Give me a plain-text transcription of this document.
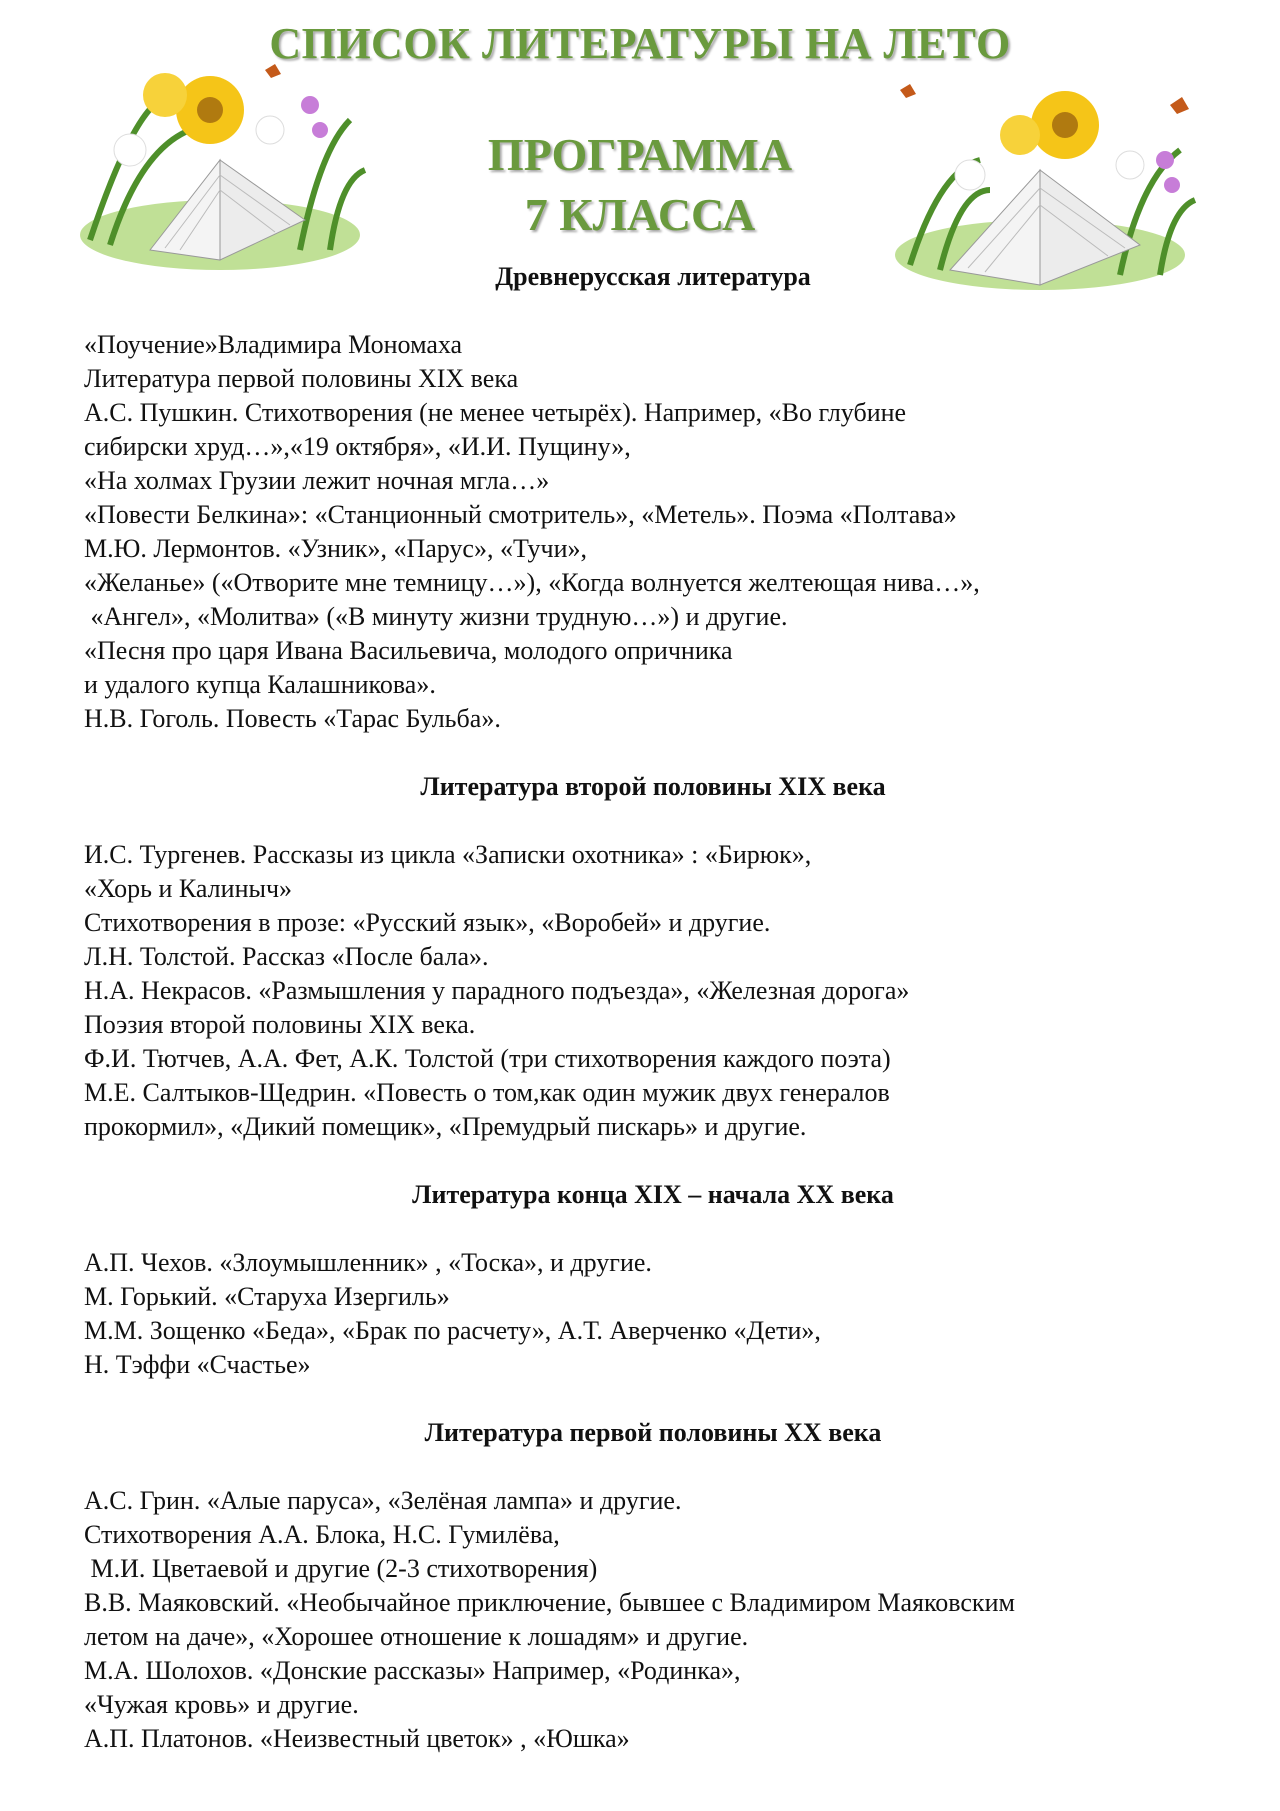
СПИСОК ЛИТЕРАТУРЫ НА ЛЕТО
ПРОГРАММА
7 КЛАССА
Древнерусская литература
«Поучение»Владимира Мономаха
Литература первой половины XIX века
А.С. Пушкин. Стихотворения (не менее четырёх). Например, «Во глубине
сибирски хруд…»,«19 октября», «И.И. Пущину»,
«На холмах Грузии лежит ночная мгла…»
«Повести Белкина»: «Станционный смотритель», «Метель». Поэма «Полтава»
М.Ю. Лермонтов. «Узник», «Парус», «Тучи»,
«Желанье» («Отворите мне темницу…»), «Когда волнуется желтеющая нива…»,
«Ангел», «Молитва» («В минуту жизни трудную…») и другие.
«Песня про царя Ивана Васильевича, молодого опричника
и удалого купца Калашникова».
Н.В. Гоголь. Повесть «Тарас Бульба».
Литература второй половины XIX века
И.С. Тургенев. Рассказы из цикла «Записки охотника» : «Бирюк»,
«Хорь и Калиныч»
Стихотворения в прозе: «Русский язык», «Воробей» и другие.
Л.Н. Толстой. Рассказ «После бала».
Н.А. Некрасов. «Размышления у парадного подъезда», «Железная дорога»
Поэзия второй половины XIX века.
Ф.И. Тютчев, А.А. Фет, А.К. Толстой (три стихотворения каждого поэта)
М.Е. Салтыков-Щедрин. «Повесть о том,как один мужик двух генералов
прокормил», «Дикий помещик», «Премудрый пискарь» и другие.
Литература конца XIX – начала XX века
А.П. Чехов. «Злоумышленник» , «Тоска», и другие.
М. Горький. «Старуха Изергиль»
М.М. Зощенко «Беда», «Брак по расчету», А.Т. Аверченко «Дети»,
Н. Тэффи «Счастье»
Литература первой половины XX века
А.С. Грин. «Алые паруса», «Зелёная лампа» и другие.
Стихотворения А.А. Блока, Н.С. Гумилёва,
М.И. Цветаевой и другие (2-3 стихотворения)
В.В. Маяковский. «Необычайное приключение, бывшее с Владимиром Маяковским
летом на даче», «Хорошее отношение к лошадям» и другие.
М.А. Шолохов. «Донские рассказы» Например, «Родинка»,
«Чужая кровь» и другие.
А.П. Платонов. «Неизвестный цветок» , «Юшка»
